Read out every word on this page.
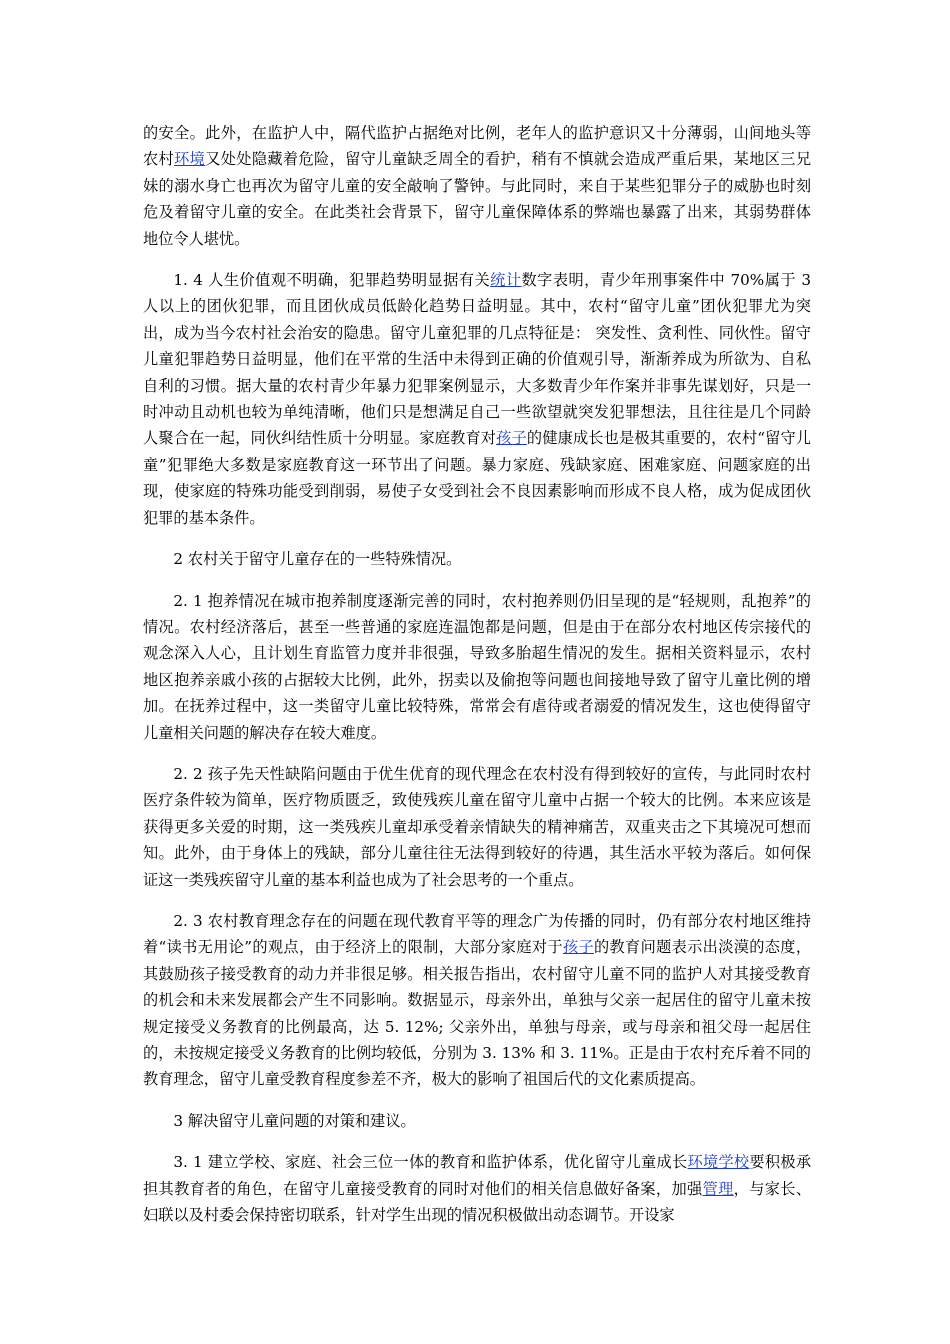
的安全。此外，在监护人中，隔代监护占据绝对比例，老年人的监护意识又十分薄弱，山间地头等农村环境又处处隐藏着危险，留守儿童缺乏周全的看护，稍有不慎就会造成严重后果，某地区三兄妹的溺水身亡也再次为留守儿童的安全敲响了警钟。与此同时，来自于某些犯罪分子的威胁也时刻危及着留守儿童的安全。在此类社会背景下，留守儿童保障体系的弊端也暴露了出来，其弱势群体地位令人堪忧。

1. 4 人生价值观不明确，犯罪趋势明显据有关统计数字表明，青少年刑事案件中 70%属于 3 人以上的团伙犯罪，而且团伙成员低龄化趋势日益明显。其中，农村“留守儿童”团伙犯罪尤为突出，成为当今农村社会治安的隐患。留守儿童犯罪的几点特征是： 突发性、贪利性、同伙性。留守儿童犯罪趋势日益明显，他们在平常的生活中未得到正确的价值观引导，渐渐养成为所欲为、自私自利的习惯。据大量的农村青少年暴力犯罪案例显示，大多数青少年作案并非事先谋划好，只是一时冲动且动机也较为单纯清晰，他们只是想满足自己一些欲望就突发犯罪想法，且往往是几个同龄人聚合在一起，同伙纠结性质十分明显。家庭教育对孩子的健康成长也是极其重要的，农村“留守儿童”犯罪绝大多数是家庭教育这一环节出了问题。暴力家庭、残缺家庭、困难家庭、问题家庭的出现，使家庭的特殊功能受到削弱，易使子女受到社会不良因素影响而形成不良人格，成为促成团伙犯罪的基本条件。

2 农村关于留守儿童存在的一些特殊情况。

2. 1 抱养情况在城市抱养制度逐渐完善的同时，农村抱养则仍旧呈现的是“轻规则，乱抱养”的情况。农村经济落后，甚至一些普通的家庭连温饱都是问题，但是由于在部分农村地区传宗接代的观念深入人心，且计划生育监管力度并非很强，导致多胎超生情况的发生。据相关资料显示，农村地区抱养亲戚小孩的占据较大比例，此外，拐卖以及偷抱等问题也间接地导致了留守儿童比例的增加。在抚养过程中，这一类留守儿童比较特殊，常常会有虐待或者溺爱的情况发生，这也使得留守儿童相关问题的解决存在较大难度。

2. 2 孩子先天性缺陷问题由于优生优育的现代理念在农村没有得到较好的宣传，与此同时农村医疗条件较为简单，医疗物质匮乏，致使残疾儿童在留守儿童中占据一个较大的比例。本来应该是获得更多关爱的时期，这一类残疾儿童却承受着亲情缺失的精神痛苦，双重夹击之下其境况可想而知。此外，由于身体上的残缺，部分儿童往往无法得到较好的待遇，其生活水平较为落后。如何保证这一类残疾留守儿童的基本利益也成为了社会思考的一个重点。

2. 3 农村教育理念存在的问题在现代教育平等的理念广为传播的同时，仍有部分农村地区维持着“读书无用论”的观点，由于经济上的限制，大部分家庭对于孩子的教育问题表示出淡漠的态度，其鼓励孩子接受教育的动力并非很足够。相关报告指出，农村留守儿童不同的监护人对其接受教育的机会和未来发展都会产生不同影响。数据显示，母亲外出，单独与父亲一起居住的留守儿童未按规定接受义务教育的比例最高，达 5. 12%; 父亲外出，单独与母亲，或与母亲和祖父母一起居住的，未按规定接受义务教育的比例均较低，分别为 3. 13% 和 3. 11%。正是由于农村充斥着不同的教育理念，留守儿童受教育程度参差不齐，极大的影响了祖国后代的文化素质提高。

3 解决留守儿童问题的对策和建议。

3. 1 建立学校、家庭、社会三位一体的教育和监护体系，优化留守儿童成长环境学校要积极承担其教育者的角色，在留守儿童接受教育的同时对他们的相关信息做好备案，加强管理，与家长、妇联以及村委会保持密切联系，针对学生出现的情况积极做出动态调节。开设家
